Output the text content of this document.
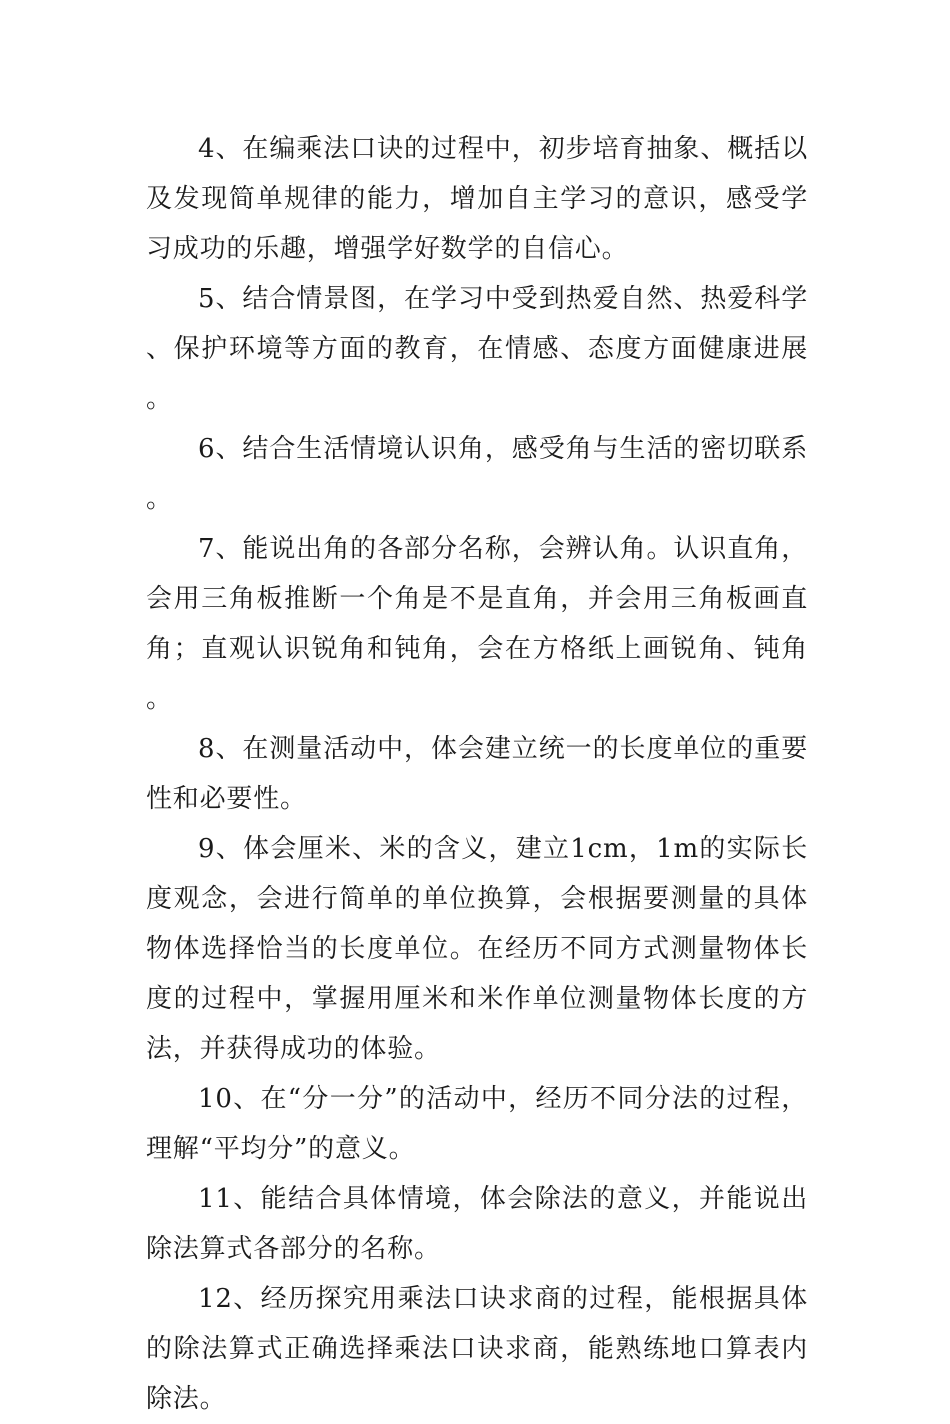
4、在编乘法口诀的过程中，初步培育抽象、概括以及发现简单规律的能力，增加自主学习的意识，感受学习成功的乐趣，增强学好数学的自信心。

5、结合情景图，在学习中受到热爱自然、热爱科学、保护环境等方面的教育，在情感、态度方面健康进展。

6、结合生活情境认识角，感受角与生活的密切联系。

7、能说出角的各部分名称，会辨认角。认识直角，会用三角板推断一个角是不是直角，并会用三角板画直角；直观认识锐角和钝角，会在方格纸上画锐角、钝角。

8、在测量活动中，体会建立统一的长度单位的重要性和必要性。

9、体会厘米、米的含义，建立1cm，1m的实际长度观念，会进行简单的单位换算，会根据要测量的具体物体选择恰当的长度单位。在经历不同方式测量物体长度的过程中，掌握用厘米和米作单位测量物体长度的方法，并获得成功的体验。

10、在“分一分”的活动中，经历不同分法的过程，理解“平均分”的意义。

11、能结合具体情境，体会除法的意义，并能说出除法算式各部分的名称。

12、经历探究用乘法口诀求商的过程，能根据具体的除法算式正确选择乘法口诀求商，能熟练地口算表内除法。
